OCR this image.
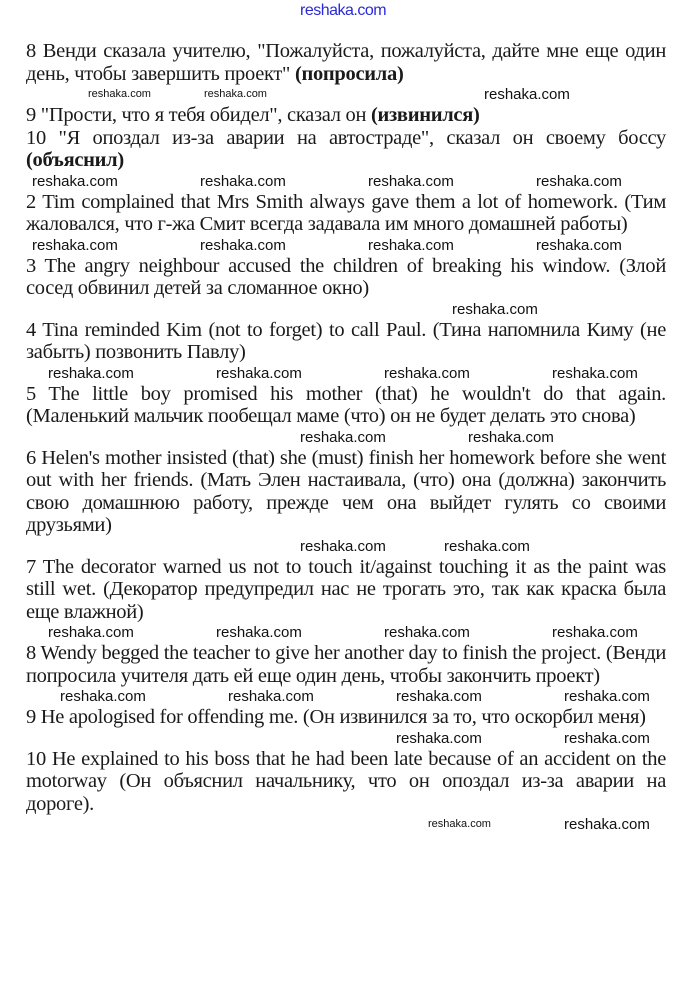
reshaka.com
8 Венди сказала учителю, "Пожалуйста, пожалуйста, дайте мне еще один день, чтобы завершить проект" (попросила)
reshaka.com	reshaka.com	reshaka.com
9 "Прости, что я тебя обидел", сказал он (извинился)
10 "Я опоздал из-за аварии на автостраде", сказал он своему боссу (объяснил)
reshaka.com	reshaka.com	reshaka.com	reshaka.com
2 Tim complained that Mrs Smith always gave them a lot of homework. (Тим жаловался, что г-жа Смит всегда задавала им много домашней работы)
reshaka.com	reshaka.com	reshaka.com	reshaka.com
3 The angry neighbour accused the children of breaking his window. (Злой сосед обвинил детей за сломанное окно)
reshaka.com
4 Tina reminded Kim (not to forget) to call Paul. (Тина напомнила Киму (не забыть) позвонить Павлу)
reshaka.com	reshaka.com	reshaka.com	reshaka.com
5 The little boy promised his mother (that) he wouldn't do that again. (Маленький мальчик пообещал маме (что) он не будет делать это снова)
reshaka.com	reshaka.com
6 Helen's mother insisted (that) she (must) finish her homework before she went out with her friends. (Мать Элен настаивала, (что) она (должна) закончить свою домашнюю работу, прежде чем она выйдет гулять со своими друзьями)
reshaka.com	reshaka.com
7 The decorator warned us not to touch it/against touching it as the paint was still wet. (Декоратор предупредил нас не трогать это, так как краска была еще влажной)
reshaka.com	reshaka.com	reshaka.com	reshaka.com
8 Wendy begged the teacher to give her another day to finish the project. (Венди попросила учителя дать ей еще один день, чтобы закончить проект)
reshaka.com	reshaka.com	reshaka.com	reshaka.com
9 He apologised for offending me. (Он извинился за то, что оскорбил меня)
reshaka.com	reshaka.com
10 He explained to his boss that he had been late because of an accident on the motorway (Он объяснил начальнику, что он опоздал из-за аварии на дороге).
reshaka.com	reshaka.com
